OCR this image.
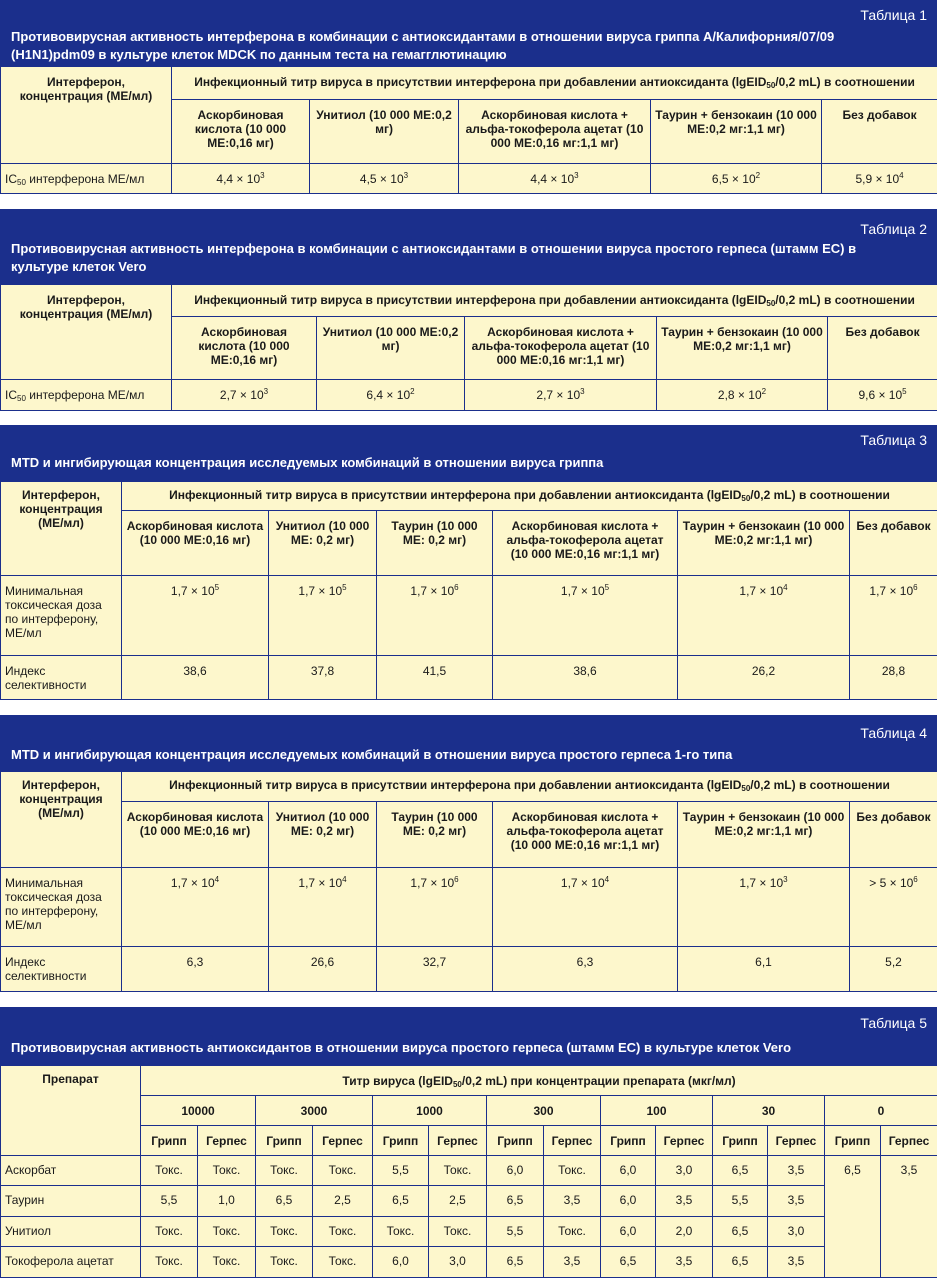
Таблица 1
Противовирусная активность интерферона в комбинации с антиоксидантами в отношении вируса гриппа А/Калифорния/07/09 (H1N1)pdm09 в культуре клеток MDCK по данным теста на гемагглютинацию
Интерферон, концентрация (МЕ/мл)	Инфекционный титр вируса в присутствии интерферона при добавлении антиоксиданта (lgEID$_{50}$/0,2 mL) в соотношении				
	Аскорбиновая кислота (10 000 МЕ:0,16 мг)	Унитиол (10 000 МЕ:0,2 мг)	Аскорбиновая кислота + альфа-токоферола ацетат (10 000 МЕ:0,16 мг:1,1 мг)	Таурин + бензокаин (10 000 МЕ:0,2 мг:1,1 мг)	Без добавок
$IC_{50}$ интерферона МЕ/мл	$4,4 \times 10^3$	$4,5 \times 10^3$	$4,4 \times 10^3$	$6,5 \times 10^2$	$5,9 \times 10^4$
Таблица 2
Противовирусная активность интерферона в комбинации с антиоксидантами в отношении вируса простого герпеса (штамм ЕС) в культуре клеток Vero
Интерферон, концентрация (МЕ/мл)	Инфекционный титр вируса в присутствии интерферона при добавлении антиоксиданта (lgEID$_{50}$/0,2 mL) в соотношении				
	Аскорбиновая кислота (10 000 МЕ:0,16 мг)	Унитиол (10 000 МЕ:0,2 мг)	Аскорбиновая кислота + альфа-токоферола ацетат (10 000 МЕ:0,16 мг:1,1 мг)	Таурин + бензокаин (10 000 МЕ:0,2 мг:1,1 мг)	Без добавок
$IC_{50}$ интерферона МЕ/мл	$2,7 \times 10^3$	$6,4 \times 10^2$	$2,7 \times 10^3$	$2,8 \times 10^2$	$9,6 \times 10^5$
Таблица 3
MTD и ингибирующая концентрация исследуемых комбинаций в отношении вируса гриппа
Интерферон, концентрация (МЕ/мл)	Инфекционный титр вируса в присутствии интерферона при добавлении антиоксиданта (lgEID$_{50}$/0,2 mL) в соотношении					
	Аскорбиновая кислота (10 000 МЕ:0,16 мг)	Унитиол (10 000 МЕ: 0,2 мг)	Таурин (10 000 МЕ: 0,2 мг)	Аскорбиновая кислота + альфа-токоферола ацетат (10 000 МЕ:0,16 мг:1,1 мг)	Таурин + бензокаин (10 000 МЕ:0,2 мг:1,1 мг)	Без добавок
Минимальная токсическая доза по интерферону, МЕ/мл	$1,7 \times 10^5$	$1,7 \times 10^5$	$1,7 \times 10^6$	$1,7 \times 10^5$	$1,7 \times 10^4$	$1,7 \times 10^6$
Индекс селективности	38,6	37,8	41,5	38,6	26,2	28,8
Таблица 4
MTD и ингибирующая концентрация исследуемых комбинаций в отношении вируса простого герпеса 1-го типа
Интерферон, концентрация (МЕ/мл)	Инфекционный титр вируса в присутствии интерферона при добавлении антиоксиданта (lgEID$_{50}$/0,2 mL) в соотношении					
	Аскорбиновая кислота (10 000 МЕ:0,16 мг)	Унитиол (10 000 МЕ: 0,2 мг)	Таурин (10 000 МЕ: 0,2 мг)	Аскорбиновая кислота + альфа-токоферола ацетат (10 000 МЕ:0,16 мг:1,1 мг)	Таурин + бензокаин (10 000 МЕ:0,2 мг:1,1 мг)	Без добавок
Минимальная токсическая доза по интерферону, МЕ/мл	$1,7 \times 10^4$	$1,7 \times 10^4$	$1,7 \times 10^6$	$1,7 \times 10^4$	$1,7 \times 10^3$	> $5 \times 10^6$
Индекс селективности	6,3	26,6	32,7	6,3	6,1	5,2
Таблица 5
Противовирусная активность антиоксидантов в отношении вируса простого герпеса (штамм ЕС) в культуре клеток Vero
Препарат	Титр вируса (lgEID$_{50}$/0,2 mL) при концентрации препарата (мкг/мл)													
	10000		3000		1000		300		100		30		0	
	Грипп	Герпес	Грипп	Герпес	Грипп	Герпес	Грипп	Герпес	Грипп	Герпес	Грипп	Герпес	Грипп	Герпес
Аскорбат	Токс.	Токс.	Токс.	Токс.	5,5	Токс.	6,0	Токс.	6,0	3,0	6,5	3,5	6,5	3,5
Таурин	5,5	1,0	6,5	2,5	6,5	2,5	6,5	3,5	6,0	3,5	5,5	3,5		
Унитиол	Токс.	Токс.	Токс.	Токс.	Токс.	Токс.	5,5	Токс.	6,0	2,0	6,5	3,0		
Токоферола ацетат	Токс.	Токс.	Токс.	Токс.	6,0	3,0	6,5	3,5	6,5	3,5	6,5	3,5		
